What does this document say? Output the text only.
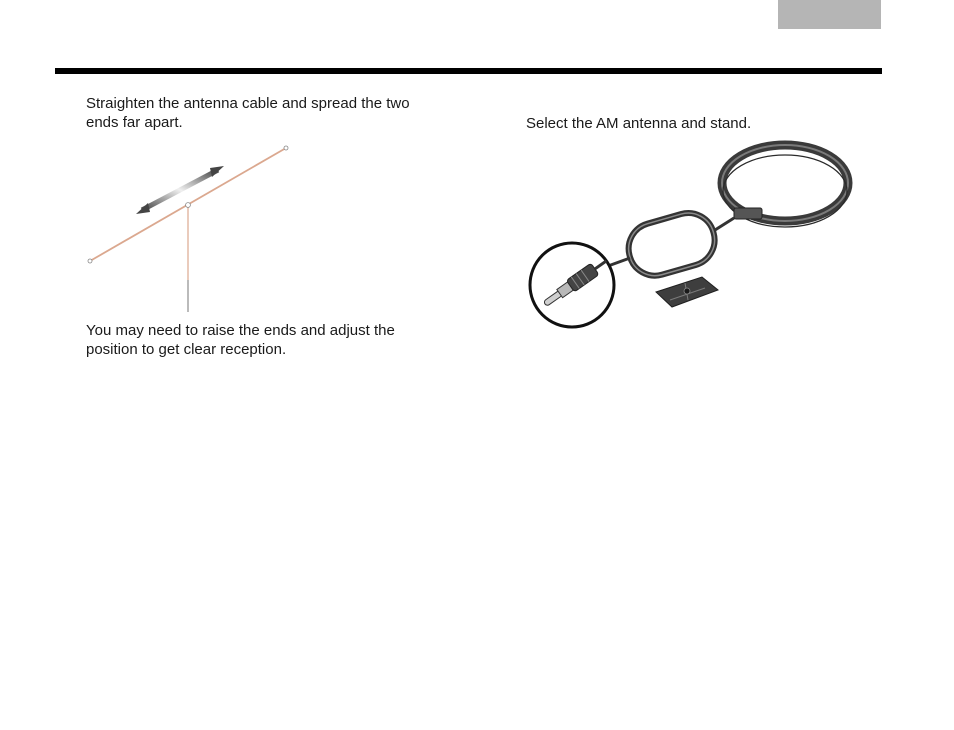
Straighten the antenna cable and spread the two ends far apart.
You may need to raise the ends and adjust the position to get clear reception.
Select the AM antenna and stand.
